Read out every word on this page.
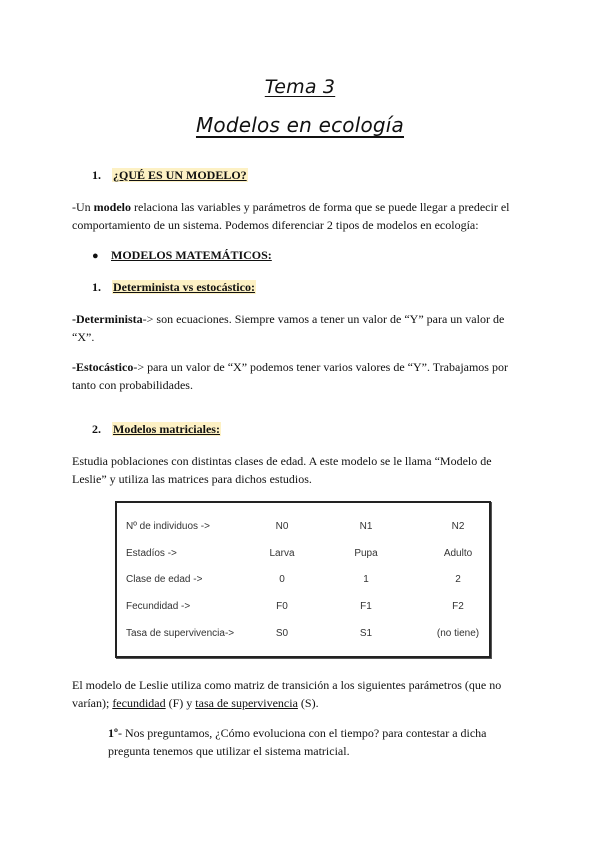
Tema 3
Modelos en ecología
1. ¿QUÉ ES UN MODELO?
-Un modelo relaciona las variables y parámetros de forma que se puede llegar a predecir el
comportamiento de un sistema. Podemos diferenciar 2 tipos de modelos en ecología:
● MODELOS MATEMÁTICOS:
1. Determinista vs estocástico:
-Determinista-> son ecuaciones. Siempre vamos a tener un valor de “Y” para un valor de
“X”.
-Estocástico-> para un valor de “X” podemos tener varios valores de “Y”. Trabajamos por
tanto con probabilidades.
2. Modelos matriciales:
Estudia poblaciones con distintas clases de edad. A este modelo se le llama “Modelo de
Leslie” y utiliza las matrices para dichos estudios.
Nº de individuos ->	N0	N1	N2
Estadíos ->	Larva	Pupa	Adulto
Clase de edad ->	0	1	2
Fecundidad ->	F0	F1	F2
Tasa de supervivencia->	S0	S1	(no tiene)
El modelo de Leslie utiliza como matriz de transición a los siguientes parámetros (que no
varían); fecundidad (F) y tasa de supervivencia (S).
1º- Nos preguntamos, ¿Cómo evoluciona con el tiempo? para contestar a dicha
pregunta tenemos que utilizar el sistema matricial.
